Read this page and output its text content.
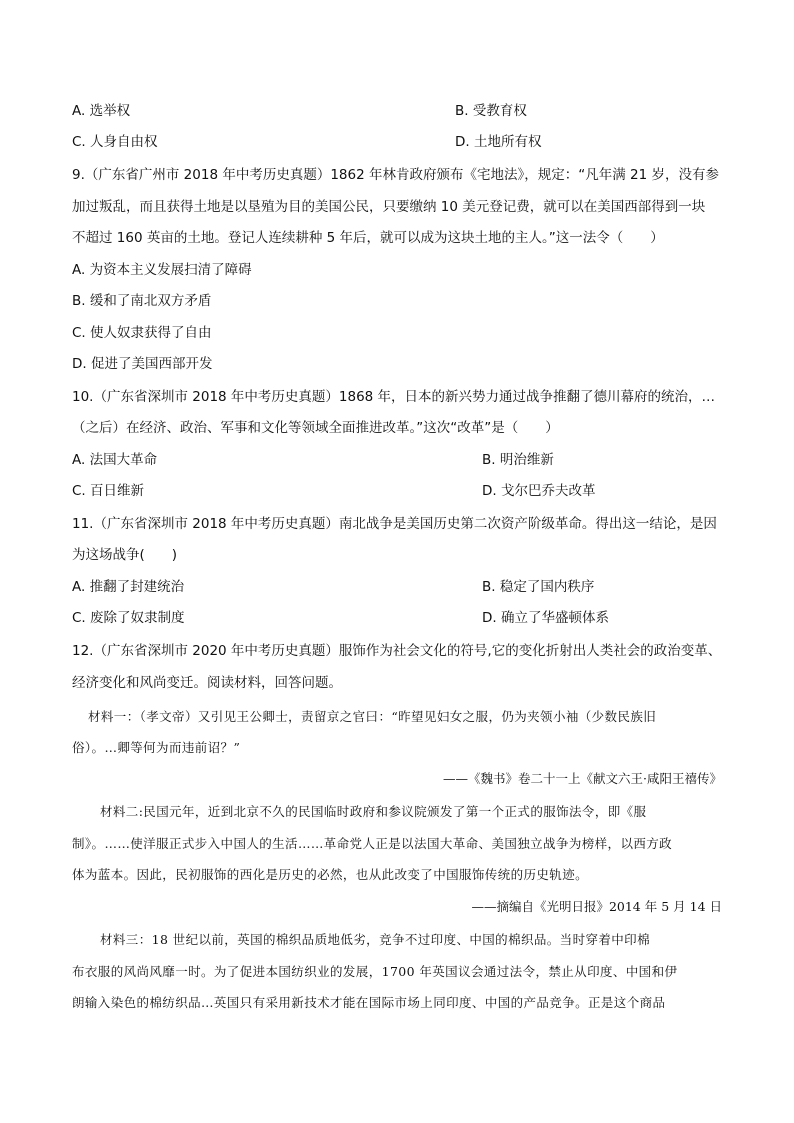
A. 选举权	B. 受教育权
C. 人身自由权	D. 土地所有权
9.（广东省广州市 2018 年中考历史真题）1862 年林肯政府颁布《宅地法》，规定：“凡年满 21 岁，没有参
加过叛乱，而且获得土地是以垦殖为目的美国公民，只要缴纳 10 美元登记费，就可以在美国西部得到一块
不超过 160 英亩的土地。登记人连续耕种 5 年后，就可以成为这块土地的主人。”这一法令（　　）
A. 为资本主义发展扫清了障碍
B. 缓和了南北双方矛盾
C. 使人奴隶获得了自由
D. 促进了美国西部开发
10.（广东省深圳市 2018 年中考历史真题）1868 年，日本的新兴势力通过战争推翻了德川幕府的统治，…
（之后）在经济、政治、军事和文化等领域全面推进改革。”这次“改革”是（　　）
A. 法国大革命	B. 明治维新
C. 百日维新	D. 戈尔巴乔夫改革
11.（广东省深圳市 2018 年中考历史真题）南北战争是美国历史第二次资产阶级革命。得出这一结论，是因
为这场战争(　　)
A. 推翻了封建统治	B. 稳定了国内秩序
C. 废除了奴隶制度	D. 确立了华盛顿体系
12.（广东省深圳市 2020 年中考历史真题）服饰作为社会文化的符号,它的变化折射出人类社会的政治变革、
经济变化和风尚变迁。阅读材料，回答问题。
材料一：（孝文帝）又引见王公卿士，责留京之官曰：“昨望见妇女之服，仍为夹领小袖（少数民族旧
俗）。…卿等何为而违前诏？”
——《魏书》卷二十一上《献文六王·咸阳王禧传》
材料二:民国元年，近到北京不久的民国临时政府和参议院颁发了第一个正式的服饰法令，即《服
制》。……使洋服正式步入中国人的生活……革命党人正是以法国大革命、美国独立战争为榜样，以西方政
体为蓝本。因此，民初服饰的西化是历史的必然，也从此改变了中国服饰传统的历史轨迹。
——摘编自《光明日报》2014 年 5 月 14 日
材料三：18 世纪以前，英国的棉织品质地低劣，竞争不过印度、中国的棉织品。当时穿着中印棉
布衣服的风尚风靡一时。为了促进本国纺织业的发展，1700 年英国议会通过法令，禁止从印度、中国和伊
朗输入染色的棉纺织品…英国只有采用新技术才能在国际市场上同印度、中国的产品竞争。正是这个商品
